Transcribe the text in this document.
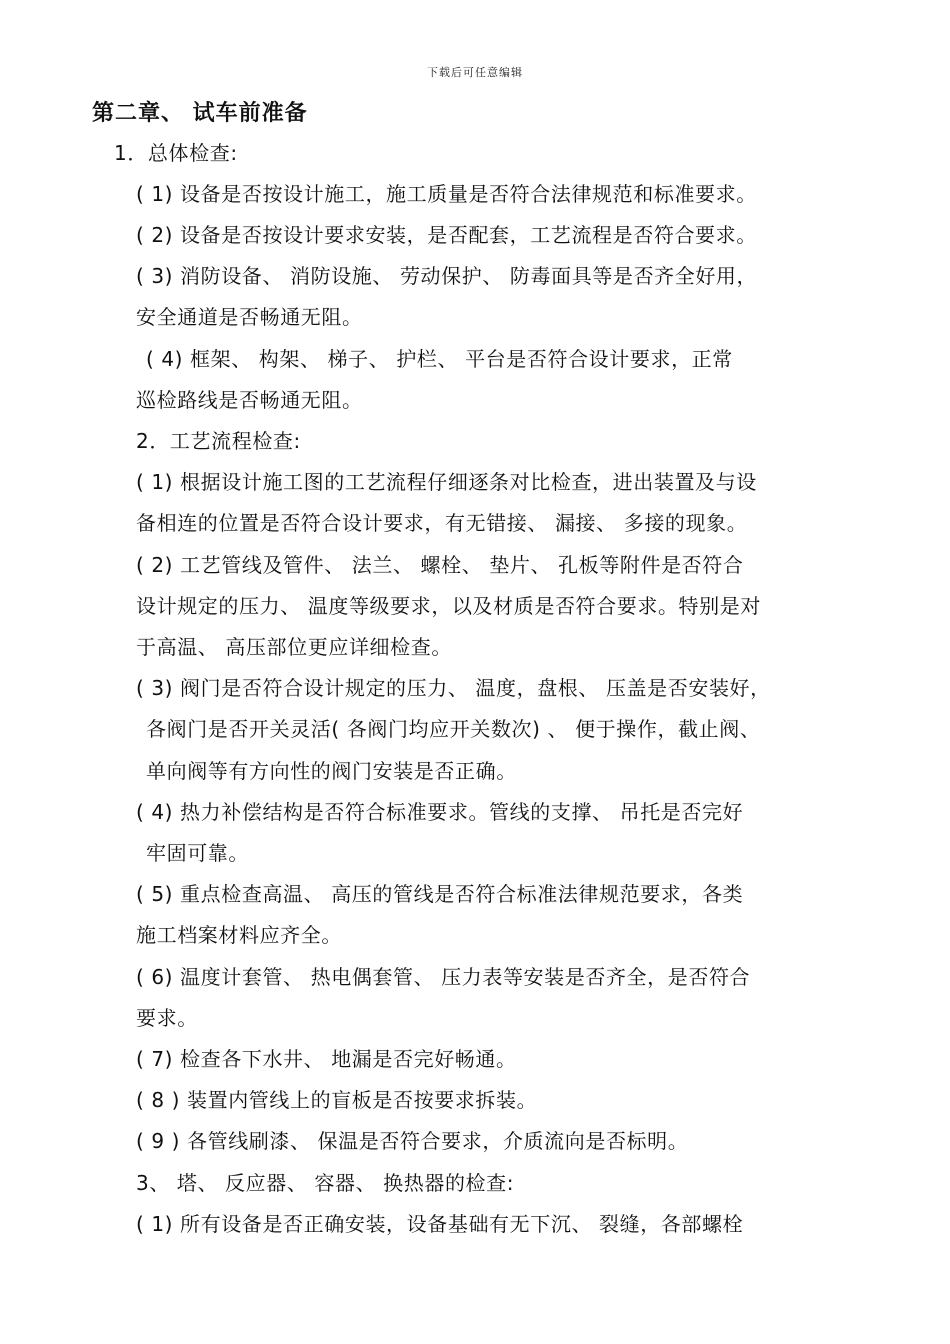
下载后可任意编辑
第二章、 试车前准备
1．总体检查:
( 1) 设备是否按设计施工，施工质量是否符合法律规范和标准要求。
( 2) 设备是否按设计要求安装，是否配套，工艺流程是否符合要求。
( 3) 消防设备、 消防设施、 劳动保护、 防毒面具等是否齐全好用，
安全通道是否畅通无阻。
( 4) 框架、 构架、 梯子、 护栏、 平台是否符合设计要求，正常
巡检路线是否畅通无阻。
2．工艺流程检查:
( 1) 根据设计施工图的工艺流程仔细逐条对比检查，进出装置及与设
备相连的位置是否符合设计要求，有无错接、 漏接、 多接的现象。
( 2) 工艺管线及管件、 法兰、 螺栓、 垫片、 孔板等附件是否符合
设计规定的压力、 温度等级要求，以及材质是否符合要求。特别是对
于高温、 高压部位更应详细检查。
( 3) 阀门是否符合设计规定的压力、 温度，盘根、 压盖是否安装好，
各阀门是否开关灵活( 各阀门均应开关数次) 、 便于操作，截止阀、
单向阀等有方向性的阀门安装是否正确。
( 4) 热力补偿结构是否符合标准要求。管线的支撑、 吊托是否完好
牢固可靠。
( 5) 重点检查高温、 高压的管线是否符合标准法律规范要求，各类
施工档案材料应齐全。
( 6) 温度计套管、 热电偶套管、 压力表等安装是否齐全，是否符合
要求。
( 7) 检查各下水井、 地漏是否完好畅通。
( 8 ) 装置内管线上的盲板是否按要求拆装。
( 9 ) 各管线刷漆、 保温是否符合要求，介质流向是否标明。
3、 塔、 反应器、 容器、 换热器的检查:
( 1) 所有设备是否正确安装，设备基础有无下沉、 裂缝，各部螺栓
